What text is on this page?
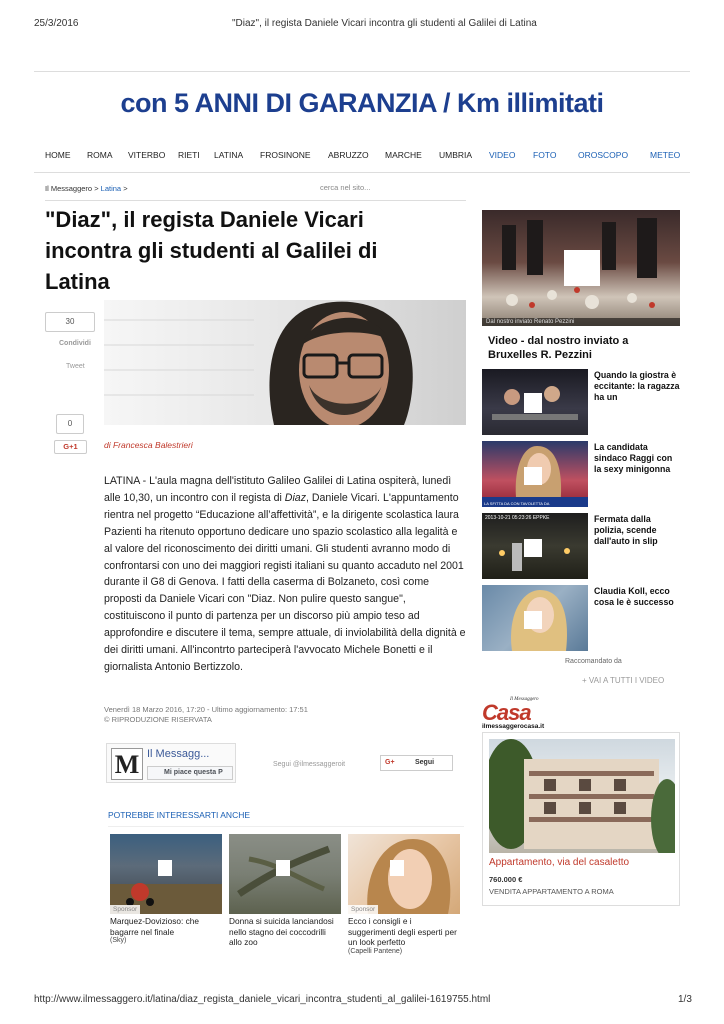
25/3/2016	"Diaz", il regista Daniele Vicari incontra gli studenti al Galilei di Latina
con 5 ANNI DI GARANZIA / Km illimitati
HOME ROMA VITERBO RIETI LATINA FROSINONE ABRUZZO MARCHE UMBRIA VIDEO FOTO	OROSCOPO	METEO
Il Messaggero > Latina >	cerca nel sito...
"Diaz", il regista Daniele Vicari incontra gli studenti al Galilei di Latina
30
Condividi
Tweet
0
G+1	di Francesca Balestrieri
LATINA - L'aula magna dell'istituto Galileo Galilei di Latina ospiterà, lunedì alle 10,30, un incontro con il regista di Diaz, Daniele Vicari. L'appuntamento rientra nel progetto “Educazione all’affettività”, e la dirigente scolastica laura Pazienti ha ritenuto opportuno dedicare uno spazio scolastico alla legalità e al valore del riconoscimento dei diritti umani. Gli studenti avranno modo di confrontarsi con uno dei maggiori registi italiani su quanto accaduto nel 2001 durante il G8 di Genova. I fatti della caserma di Bolzaneto, così come proposti da Daniele Vicari con "Diaz. Non pulire questo sangue", costituiscono il punto di partenza per un discorso più ampio teso ad approfondire e discutere il tema, sempre attuale, di inviolabilità della dignità e dei diritti umani. All'incontrto parteciperà l'avvocato Michele Bonetti e il giornalista Antonio Bertizzolo.
Venerdì 18 Marzo 2016, 17:20 - Ultimo aggiornamento: 17:51
© RIPRODUZIONE RISERVATA
M Il Messagg...
Mi piace questa P
Segui @ilmessaggeroit	G+	Segui
POTREBBE INTERESSARTI ANCHE
Sponsor
Marquez-Dovizioso: che bagarre nel finale
(Sky)
Donna si suicida lanciandosi nello stagno dei coccodrilli allo zoo
Sponsor
Ecco i consigli e i suggerimenti degli esperti per un look perfetto
(Capelli Pantene)
Dal nostro inviato Renato Pezzini
Video - dal nostro inviato a Bruxelles R. Pezzini
Quando la giostra è eccitante: la ragazza ha un
LA SFITTA DA CON TAVOLETTA DA
La candidata sindaco Raggi con la sexy minigonna
2013-10-21 05:23:26 EPPKE	Fermata dalla polizia, scende dall'auto in slip
Claudia Koll, ecco cosa le è successo
Raccomandato da
+ VAI A TUTTI I VIDEO
Il Messaggero
Casa
ilmessaggerocasa.it
Appartamento, via del casaletto
760.000 €
VENDITA APPARTAMENTO A ROMA
http://www.ilmessaggero.it/latina/diaz_regista_daniele_vicari_incontra_studenti_al_galilei-1619755.html	1/3
